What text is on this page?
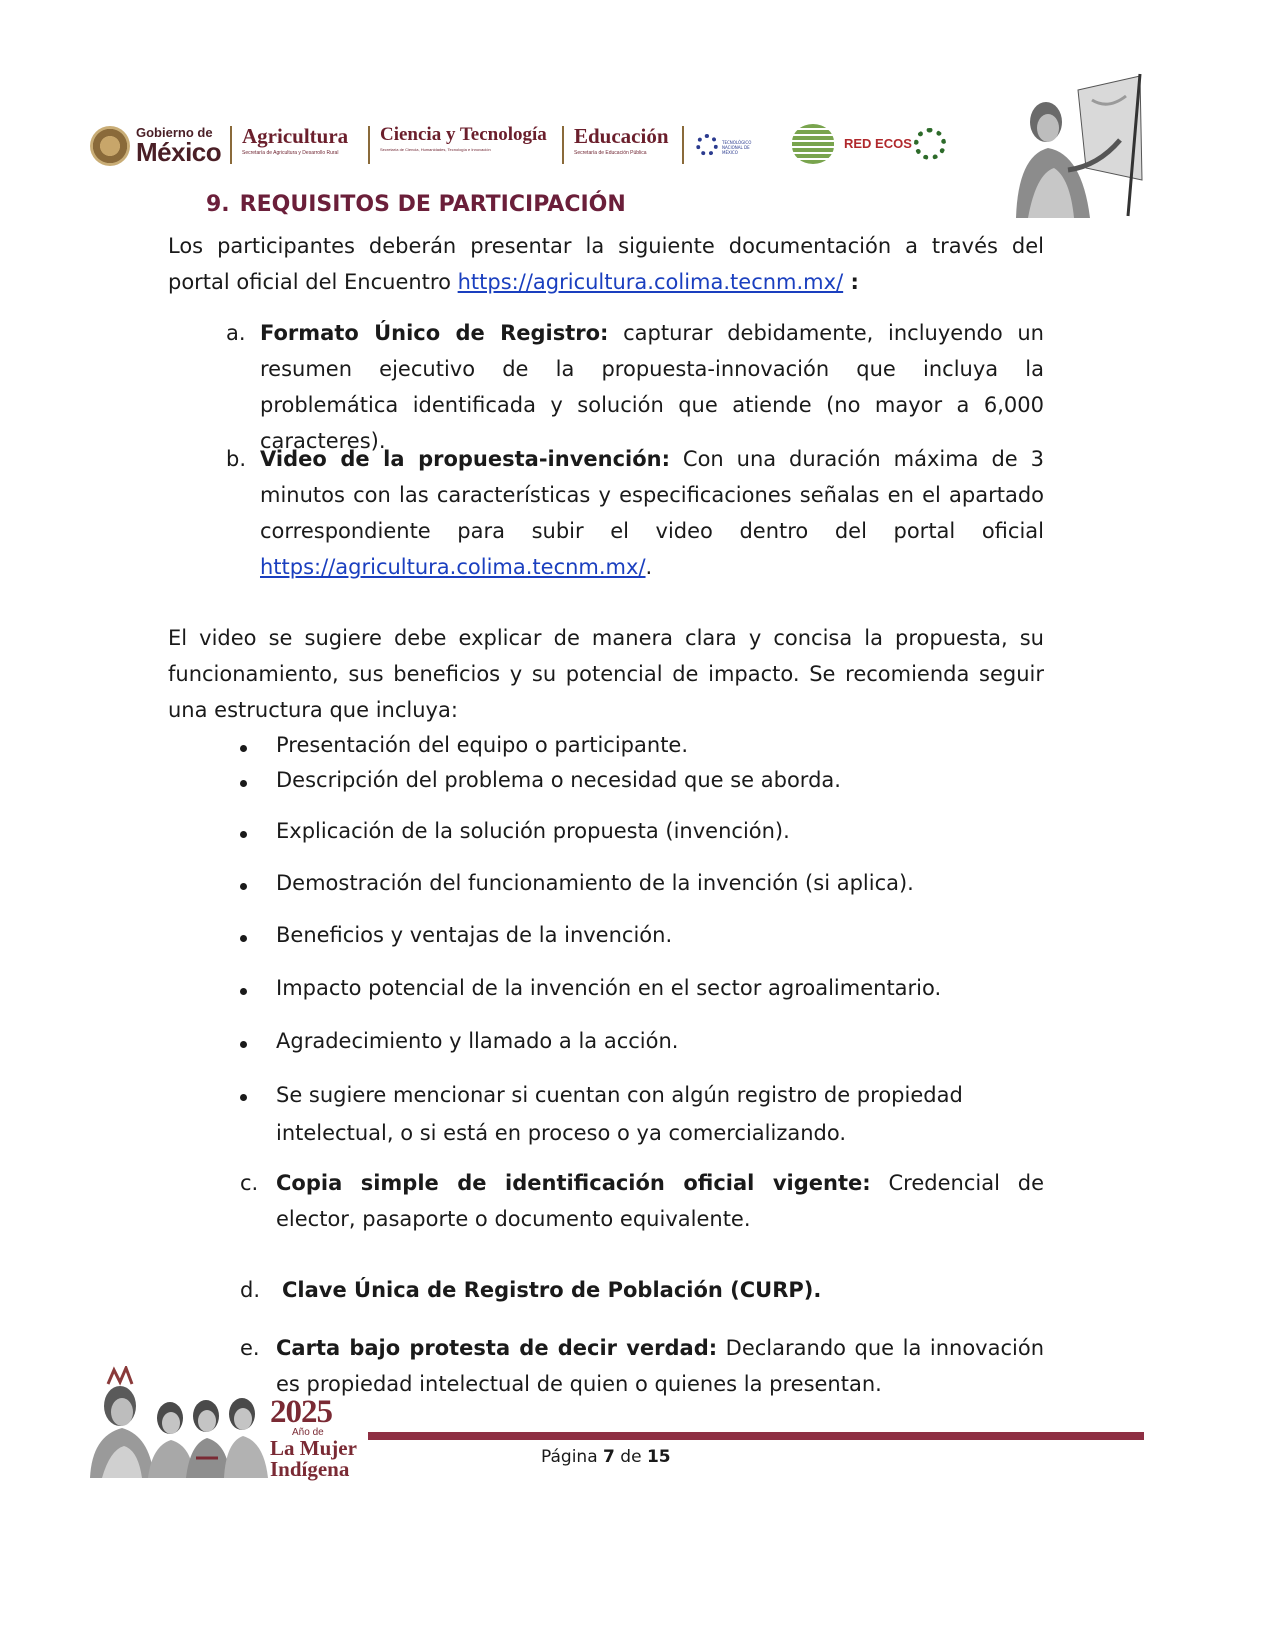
Gobierno de
México
Agricultura
Secretaría de Agricultura y Desarrollo Rural
Ciencia y Tecnología
Secretaría de Ciencia, Humanidades, Tecnología e Innovación
Educación
Secretaría de Educación Pública
TECNOLÓGICO NACIONAL DE MÉXICO
RED ECOS
9. REQUISITOS DE PARTICIPACIÓN
Los participantes deberán presentar la siguiente documentación a través del portal oficial del Encuentro https://agricultura.colima.tecnm.mx/ :
a. Formato Único de Registro: capturar debidamente, incluyendo un resumen ejecutivo de la propuesta-innovación que incluya la problemática identificada y solución que atiende (no mayor a 6,000 caracteres).
b. Video de la propuesta-invención: Con una duración máxima de 3 minutos con las características y especificaciones señalas en el apartado correspondiente para subir el video dentro del portal oficial https://agricultura.colima.tecnm.mx/.
El video se sugiere debe explicar de manera clara y concisa la propuesta, su funcionamiento, sus beneficios y su potencial de impacto. Se recomienda seguir una estructura que incluya:
Presentación del equipo o participante.
Descripción del problema o necesidad que se aborda.
Explicación de la solución propuesta (invención).
Demostración del funcionamiento de la invención (si aplica).
Beneficios y ventajas de la invención.
Impacto potencial de la invención en el sector agroalimentario.
Agradecimiento y llamado a la acción.
Se sugiere mencionar si cuentan con algún registro de propiedad intelectual, o si está en proceso o ya comercializando.
c. Copia simple de identificación oficial vigente: Credencial de elector, pasaporte o documento equivalente.
d. Clave Única de Registro de Población (CURP).
e. Carta bajo protesta de decir verdad: Declarando que la innovación es propiedad intelectual de quien o quienes la presentan.
2025
Año de
La Mujer
Indígena	Página 7 de 15
